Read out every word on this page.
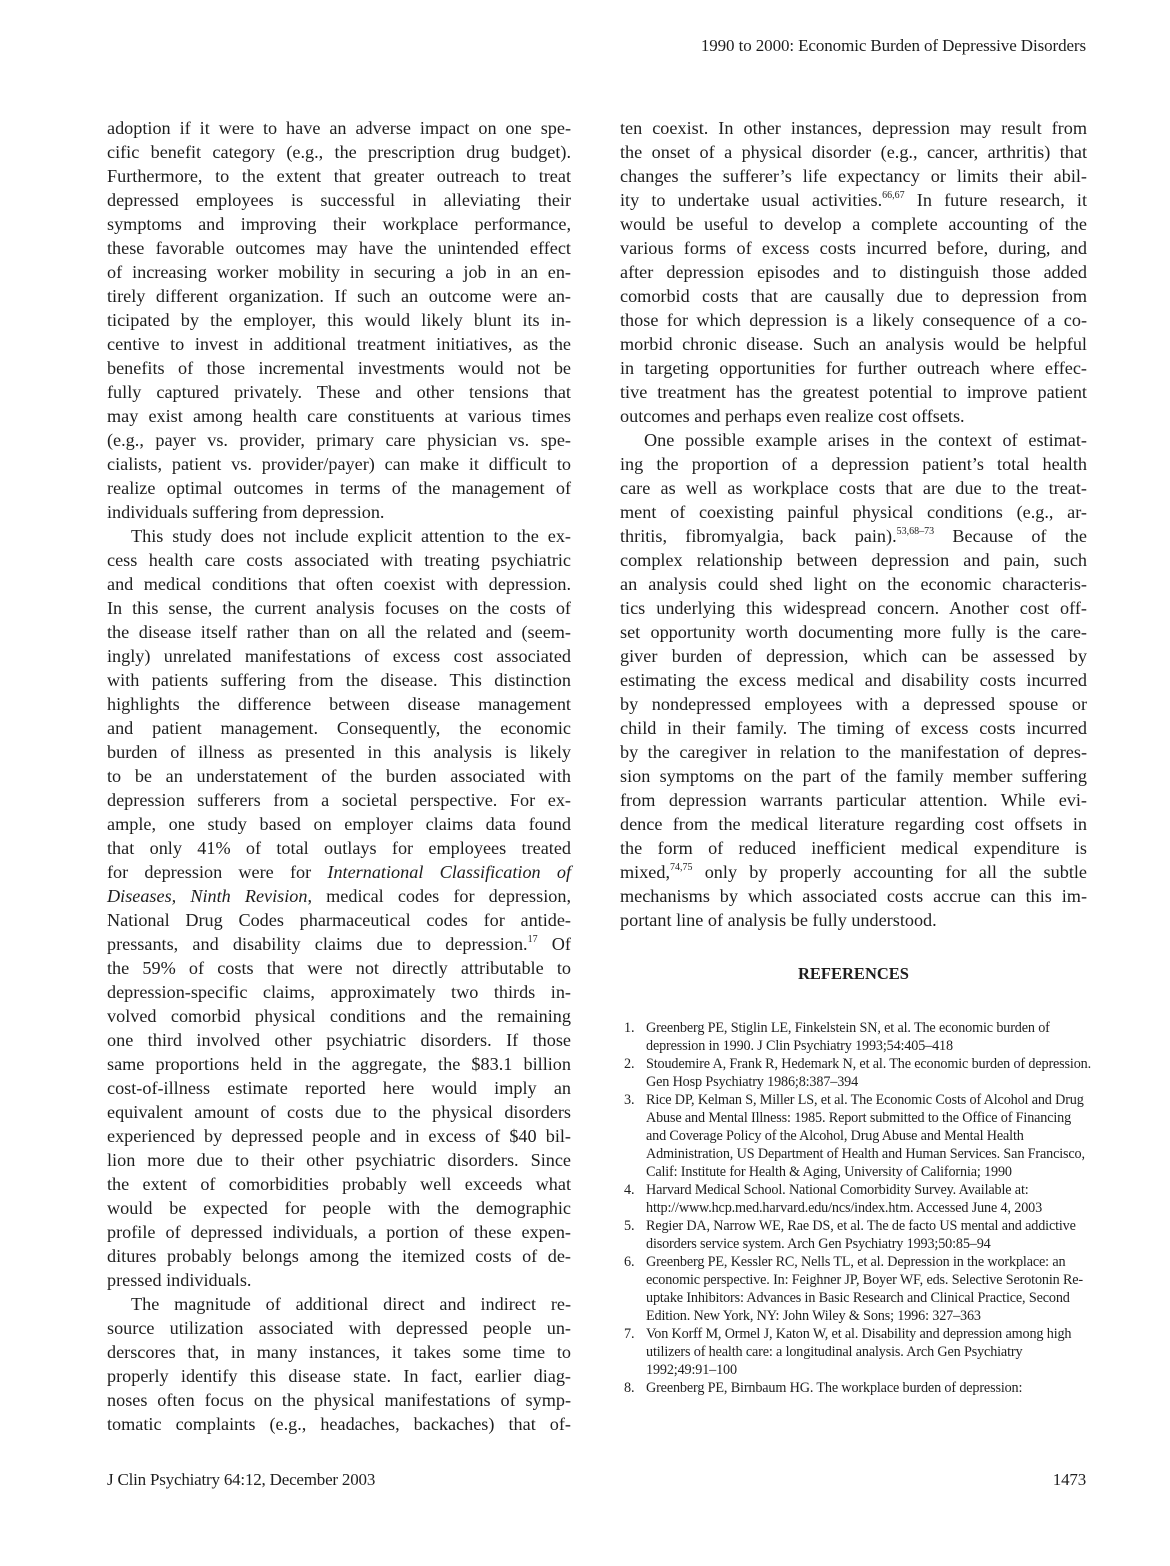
1990 to 2000: Economic Burden of Depressive Disorders
adoption if it were to have an adverse impact on one spe-
cific benefit category (e.g., the prescription drug budget).
Furthermore, to the extent that greater outreach to treat
depressed employees is successful in alleviating their
symptoms and improving their workplace performance,
these favorable outcomes may have the unintended effect
of increasing worker mobility in securing a job in an en-
tirely different organization. If such an outcome were an-
ticipated by the employer, this would likely blunt its in-
centive to invest in additional treatment initiatives, as the
benefits of those incremental investments would not be
fully captured privately. These and other tensions that
may exist among health care constituents at various times
(e.g., payer vs. provider, primary care physician vs. spe-
cialists, patient vs. provider/payer) can make it difficult to
realize optimal outcomes in terms of the management of
individuals suffering from depression.
This study does not include explicit attention to the ex-
cess health care costs associated with treating psychiatric
and medical conditions that often coexist with depression.
In this sense, the current analysis focuses on the costs of
the disease itself rather than on all the related and (seem-
ingly) unrelated manifestations of excess cost associated
with patients suffering from the disease. This distinction
highlights the difference between disease management
and patient management. Consequently, the economic
burden of illness as presented in this analysis is likely
to be an understatement of the burden associated with
depression sufferers from a societal perspective. For ex-
ample, one study based on employer claims data found
that only 41% of total outlays for employees treated
for depression were for International Classification of
Diseases, Ninth Revision, medical codes for depression,
National Drug Codes pharmaceutical codes for antide-
pressants, and disability claims due to depression.$^{17}$ Of
the 59% of costs that were not directly attributable to
depression-specific claims, approximately two thirds in-
volved comorbid physical conditions and the remaining
one third involved other psychiatric disorders. If those
same proportions held in the aggregate, the $83.1 billion
cost-of-illness estimate reported here would imply an
equivalent amount of costs due to the physical disorders
experienced by depressed people and in excess of $40 bil-
lion more due to their other psychiatric disorders. Since
the extent of comorbidities probably well exceeds what
would be expected for people with the demographic
profile of depressed individuals, a portion of these expen-
ditures probably belongs among the itemized costs of de-
pressed individuals.
The magnitude of additional direct and indirect re-
source utilization associated with depressed people un-
derscores that, in many instances, it takes some time to
properly identify this disease state. In fact, earlier diag-
noses often focus on the physical manifestations of symp-
tomatic complaints (e.g., headaches, backaches) that of-
ten coexist. In other instances, depression may result from
the onset of a physical disorder (e.g., cancer, arthritis) that
changes the sufferer’s life expectancy or limits their abil-
ity to undertake usual activities.$^{66,67}$ In future research, it
would be useful to develop a complete accounting of the
various forms of excess costs incurred before, during, and
after depression episodes and to distinguish those added
comorbid costs that are causally due to depression from
those for which depression is a likely consequence of a co-
morbid chronic disease. Such an analysis would be helpful
in targeting opportunities for further outreach where effec-
tive treatment has the greatest potential to improve patient
outcomes and perhaps even realize cost offsets.
One possible example arises in the context of estimat-
ing the proportion of a depression patient’s total health
care as well as workplace costs that are due to the treat-
ment of coexisting painful physical conditions (e.g., ar-
thritis, fibromyalgia, back pain).$^{53,68-73}$ Because of the
complex relationship between depression and pain, such
an analysis could shed light on the economic characteris-
tics underlying this widespread concern. Another cost off-
set opportunity worth documenting more fully is the care-
giver burden of depression, which can be assessed by
estimating the excess medical and disability costs incurred
by nondepressed employees with a depressed spouse or
child in their family. The timing of excess costs incurred
by the caregiver in relation to the manifestation of depres-
sion symptoms on the part of the family member suffering
from depression warrants particular attention. While evi-
dence from the medical literature regarding cost offsets in
the form of reduced inefficient medical expenditure is
mixed,$^{74,75}$ only by properly accounting for all the subtle
mechanisms by which associated costs accrue can this im-
portant line of analysis be fully understood.
REFERENCES
1. Greenberg PE, Stiglin LE, Finkelstein SN, et al. The economic burden of depression in 1990. J Clin Psychiatry 1993;54:405–418
2. Stoudemire A, Frank R, Hedemark N, et al. The economic burden of depression. Gen Hosp Psychiatry 1986;8:387–394
3. Rice DP, Kelman S, Miller LS, et al. The Economic Costs of Alcohol and Drug Abuse and Mental Illness: 1985. Report submitted to the Office of Financing and Coverage Policy of the Alcohol, Drug Abuse and Mental Health Administration, US Department of Health and Human Services. San Francisco, Calif: Institute for Health & Aging, University of California; 1990
4. Harvard Medical School. National Comorbidity Survey. Available at: http://www.hcp.med.harvard.edu/ncs/index.htm. Accessed June 4, 2003
5. Regier DA, Narrow WE, Rae DS, et al. The de facto US mental and addictive disorders service system. Arch Gen Psychiatry 1993;50:85–94
6. Greenberg PE, Kessler RC, Nells TL, et al. Depression in the workplace: an economic perspective. In: Feighner JP, Boyer WF, eds. Selective Serotonin Re-uptake Inhibitors: Advances in Basic Research and Clinical Practice, Second Edition. New York, NY: John Wiley & Sons; 1996: 327–363
7. Von Korff M, Ormel J, Katon W, et al. Disability and depression among high utilizers of health care: a longitudinal analysis. Arch Gen Psychiatry 1992;49:91–100
8. Greenberg PE, Birnbaum HG. The workplace burden of depression:
J Clin Psychiatry 64:12, December 2003	1473
